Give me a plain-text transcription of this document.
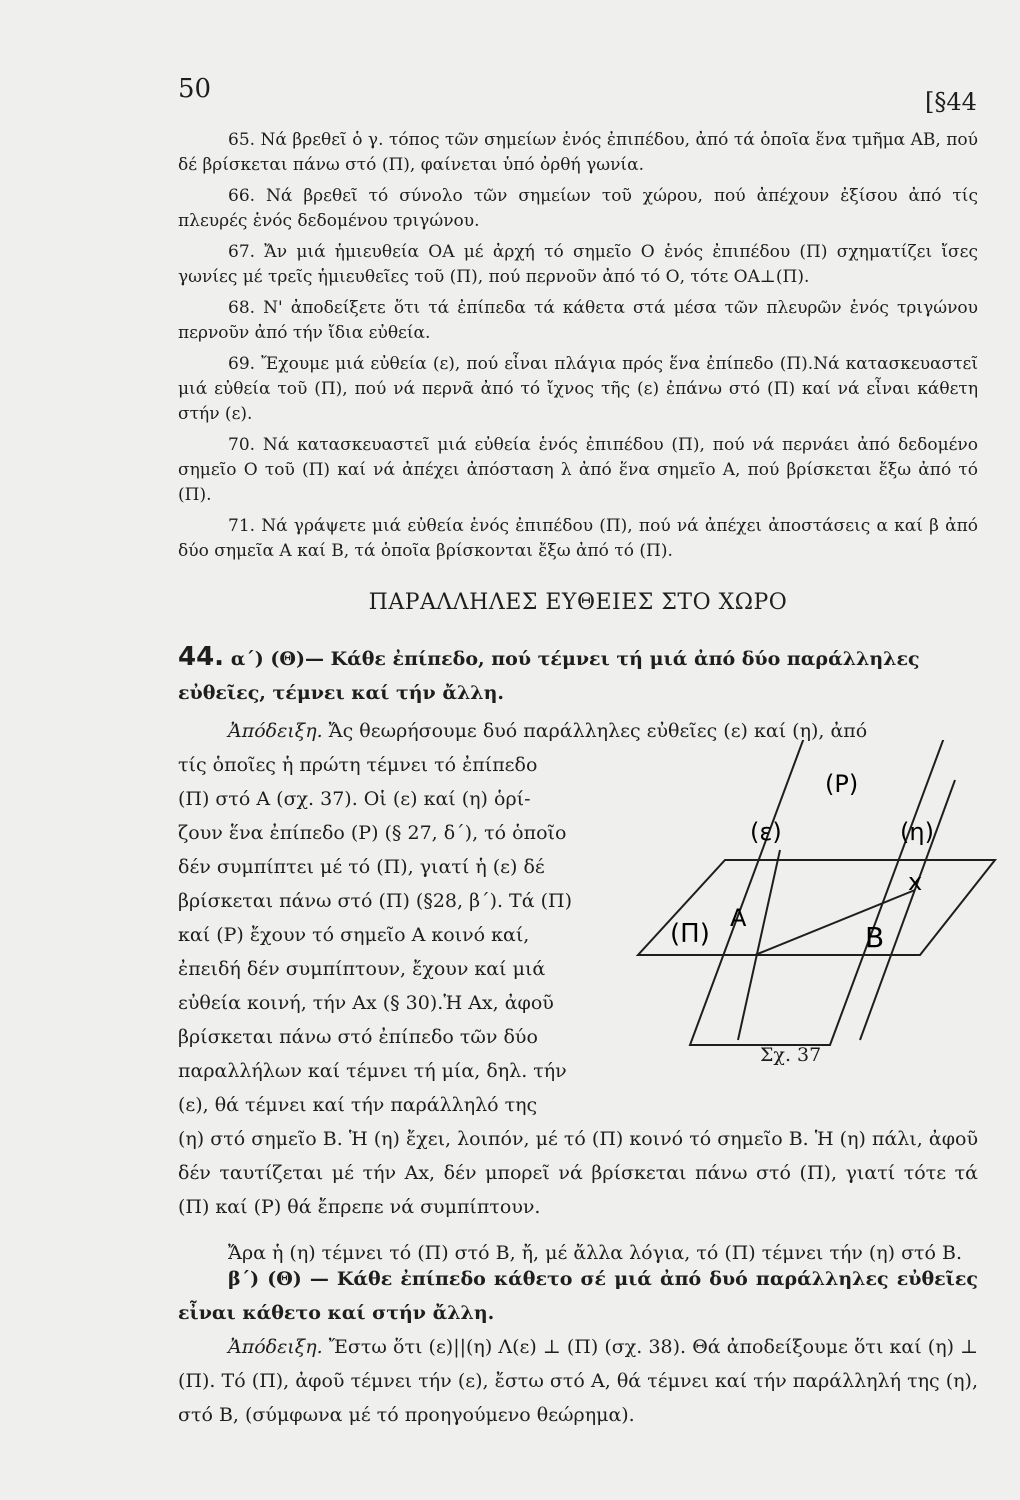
50	[§44

65. Νά βρεθεῖ ὁ γ. τόπος τῶν σημείων ἑνός ἐπιπέδου, ἀπό τά ὁποῖα ἕνα τμῆμα ΑΒ, πού δέ βρίσκεται πάνω στό (Π), φαίνεται ὑπό ὀρθή γωνία.

66. Νά βρεθεῖ τό σύνολο τῶν σημείων τοῦ χώρου, πού ἀπέχουν ἐξίσου ἀπό τίς πλευρές ἑνός δεδομένου τριγώνου.

67. Ἄν μιά ἡμιευθεία ΟΑ μέ ἀρχή τό σημεῖο Ο ἑνός ἐπιπέδου (Π) σχηματίζει ἴσες γωνίες μέ τρεῖς ἡμιευθεῖες τοῦ (Π), πού περνοῦν ἀπό τό Ο, τότε ΟΑ⊥(Π).

68. Ν' ἀποδείξετε ὅτι τά ἐπίπεδα τά κάθετα στά μέσα τῶν πλευρῶν ἑνός τριγώνου περνοῦν ἀπό τήν ἴδια εὐθεία.

69. Ἔχουμε μιά εὐθεία (ε), πού εἶναι πλάγια πρός ἕνα ἐπίπεδο (Π).Νά κατασκευαστεῖ μιά εὐθεία τοῦ (Π), πού νά περνᾶ ἀπό τό ἴχνος τῆς (ε) ἐπάνω στό (Π) καί νά εἶναι κάθετη στήν (ε).

70. Νά κατασκευαστεῖ μιά εὐθεία ἑνός ἐπιπέδου (Π), πού νά περνάει ἀπό δεδομένο σημεῖο Ο τοῦ (Π) καί νά ἀπέχει ἀπόσταση λ ἀπό ἕνα σημεῖο Α, πού βρίσκεται ἔξω ἀπό τό (Π).

71. Νά γράψετε μιά εὐθεία ἑνός ἐπιπέδου (Π), πού νά ἀπέχει ἀποστάσεις α καί β ἀπό δύο σημεῖα Α καί Β, τά ὁποῖα βρίσκονται ἔξω ἀπό τό (Π).

ΠΑΡΑΛΛΗΛΕΣ ΕΥΘΕΙΕΣ ΣΤΟ ΧΩΡΟ

44. α΄) (Θ)— Κάθε ἐπίπεδο, πού τέμνει τή μιά ἀπό δύο παράλληλες εὐθεῖες, τέμνει καί τήν ἄλλη.

Ἀπόδειξη. Ἄς θεωρήσουμε δυό παράλληλες εὐθεῖες (ε) καί (η), ἀπό

τίς ὁποῖες ἡ πρώτη τέμνει τό ἐπίπεδο

(Π) στό Α (σχ. 37). Οἱ (ε) καί (η) ὁρί-

ζουν ἕνα ἐπίπεδο (Ρ) (§ 27, δ΄), τό ὁποῖο

δέν συμπίπτει μέ τό (Π), γιατί ἡ (ε) δέ

βρίσκεται πάνω στό (Π) (§28, β΄). Τά (Π)

καί (Ρ) ἔχουν τό σημεῖο Α κοινό καί,

ἐπειδή δέν συμπίπτουν, ἔχουν καί μιά

εὐθεία κοινή, τήν Αx (§ 30).Ἡ Αx, ἀφοῦ

βρίσκεται πάνω στό ἐπίπεδο τῶν δύο

παραλλήλων καί τέμνει τή μία, δηλ. τήν

(ε), θά τέμνει καί τήν παράλληλό της

(η) στό σημεῖο Β. Ἡ (η) ἔχει, λοιπόν, μέ τό (Π) κοινό τό σημεῖο Β. Ἡ (η) πάλι, ἀφοῦ δέν ταυτίζεται μέ τήν Αx, δέν μπορεῖ νά βρίσκεται πάνω στό (Π), γιατί τότε τά (Π) καί (Ρ) θά ἔπρεπε νά συμπίπτουν.

Ἄρα ἡ (η) τέμνει τό (Π) στό Β, ἤ, μέ ἄλλα λόγια, τό (Π) τέμνει τήν (η) στό Β.

β΄) (Θ) — Κάθε ἐπίπεδο κάθετο σέ μιά ἀπό δυό παράλληλες εὐθεῖες εἶναι κάθετο καί στήν ἄλλη.

Ἀπόδειξη. Ἔστω ὅτι (ε)||(η) Λ(ε) ⊥ (Π) (σχ. 38). Θά ἀποδείξουμε ὅτι καί (η) ⊥ (Π). Τό (Π), ἀφοῦ τέμνει τήν (ε), ἔστω στό Α, θά τέμνει καί τήν παράλληλή της (η), στό Β, (σύμφωνα μέ τό προηγούμενο θεώρημα).

(Ρ)
(ε)	(η)
x
Α
Β
(Π)
Σχ. 37
